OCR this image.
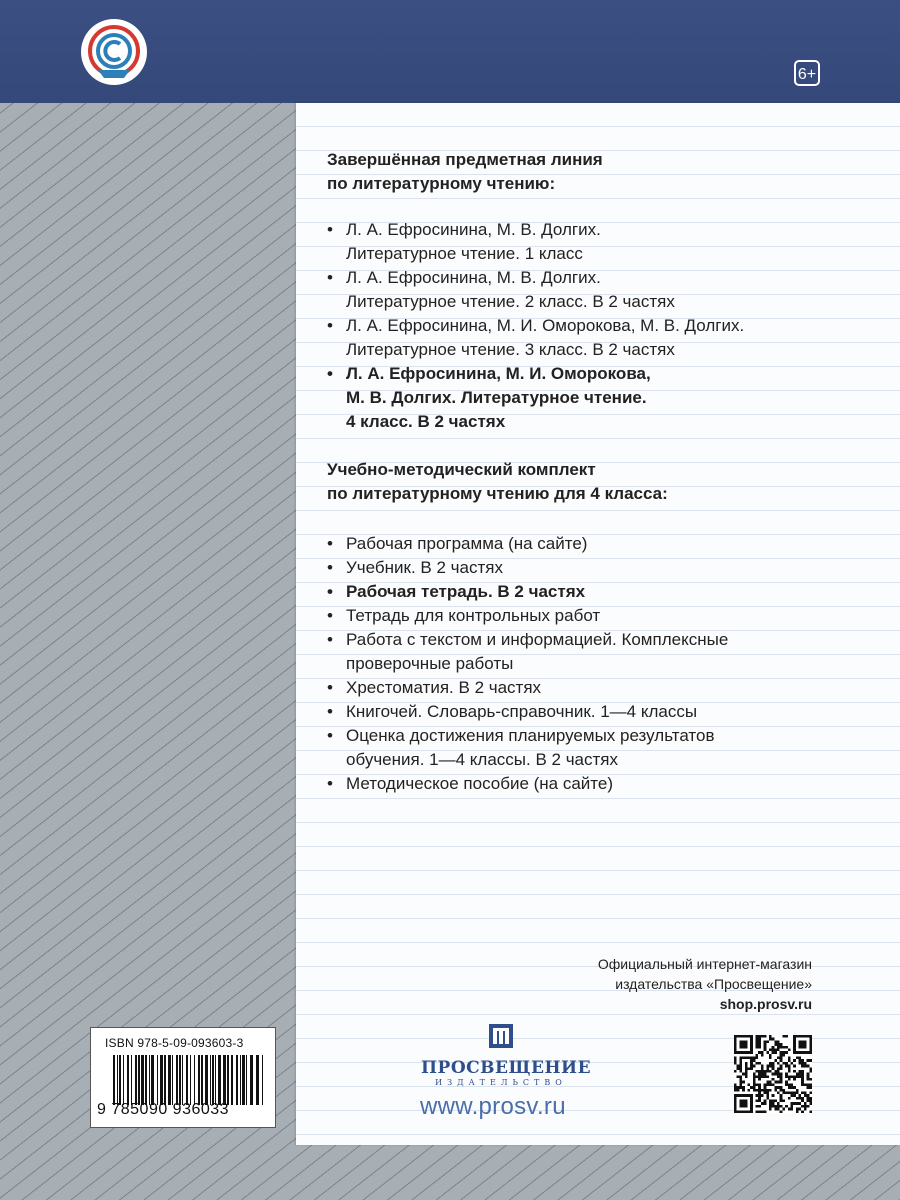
6+

Завершённая предметная линия
по литературному чтению:

• Л. А. Ефросинина, М. В. Долгих.
Литературное чтение. 1 класс
• Л. А. Ефросинина, М. В. Долгих.
Литературное чтение. 2 класс. В 2 частях
• Л. А. Ефросинина, М. И. Оморокова, М. В. Долгих.
Литературное чтение. 3 класс. В 2 частях
• Л. А. Ефросинина, М. И. Оморокова,
М. В. Долгих. Литературное чтение.
4 класс. В 2 частях

Учебно-методический комплект
по литературному чтению для 4 класса:

• Рабочая программа (на сайте)
• Учебник. В 2 частях
• Рабочая тетрадь. В 2 частях
• Тетрадь для контрольных работ
• Работа с текстом и информацией. Комплексные
проверочные работы
• Хрестоматия. В 2 частях
• Книгочей. Словарь-справочник. 1—4 классы
• Оценка достижения планируемых результатов
обучения. 1—4 классы. В 2 частях
• Методическое пособие (на сайте)
Официальный интернет-магазин
издательства «Просвещение»
shop.prosv.ru
ISBN 978-5-09-093603-3
9 785090 936033
ПРОСВЕЩЕНИЕ
ИЗДАТЕЛЬСТВО
www.prosv.ru
